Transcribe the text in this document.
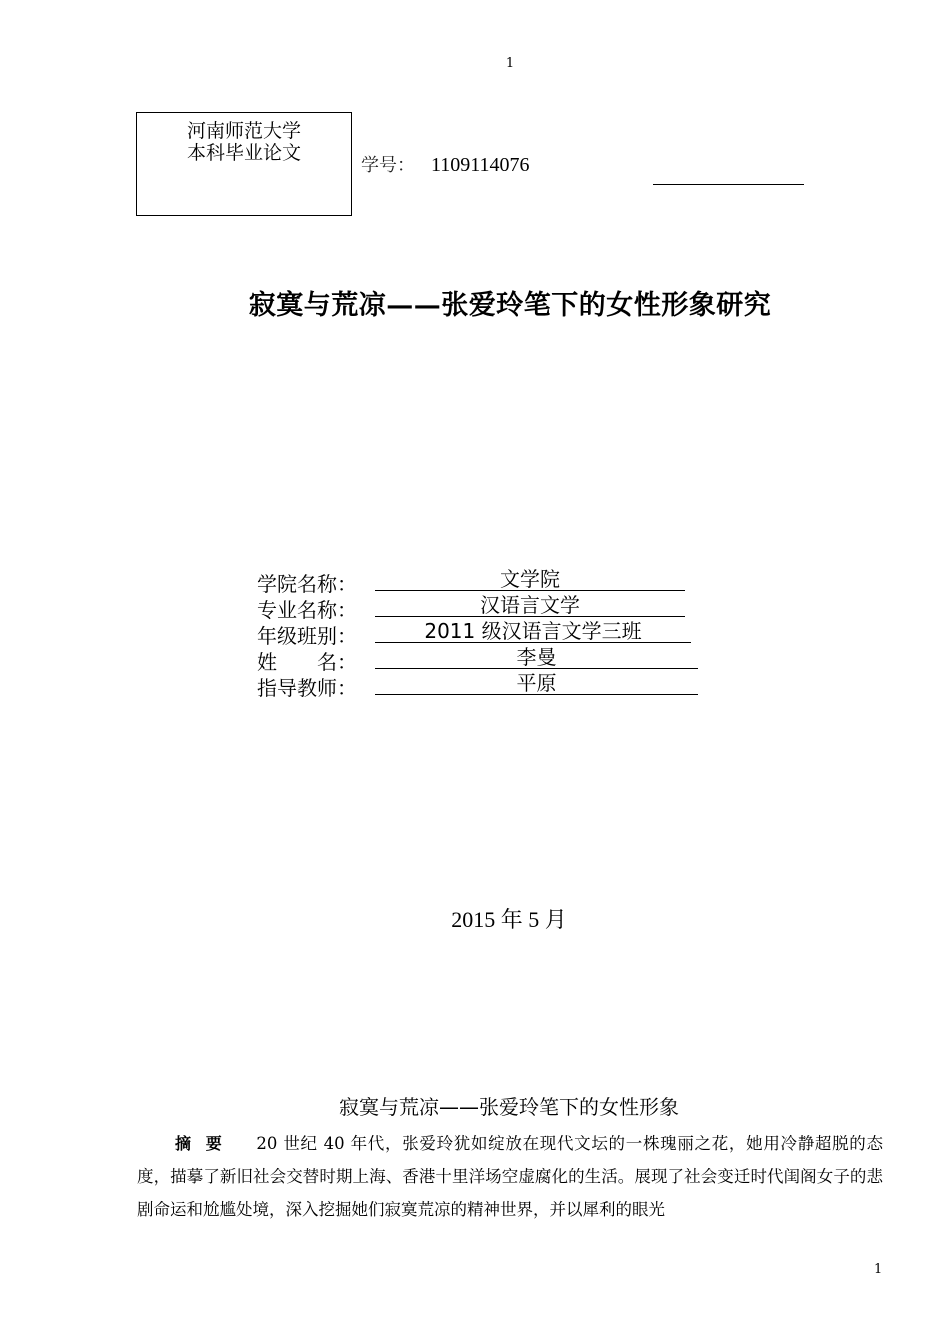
1
河南师范大学
本科毕业论文
学号： 1109114076
寂寞与荒凉——张爱玲笔下的女性形象研究
学院名称：	文学院
专业名称：	汉语言文学
年级班别：	2011 级汉语言文学三班
姓　　名：	李曼
指导教师：	平原
2015 年 5 月
寂寞与荒凉——张爱玲笔下的女性形象
摘要 20 世纪 40 年代，张爱玲犹如绽放在现代文坛的一株瑰丽之花，她用冷静超脱的态度，描摹了新旧社会交替时期上海、香港十里洋场空虚腐化的生活。展现了社会变迁时代闺阁女子的悲剧命运和尬尴处境，深入挖掘她们寂寞荒凉的精神世界，并以犀利的眼光
1
